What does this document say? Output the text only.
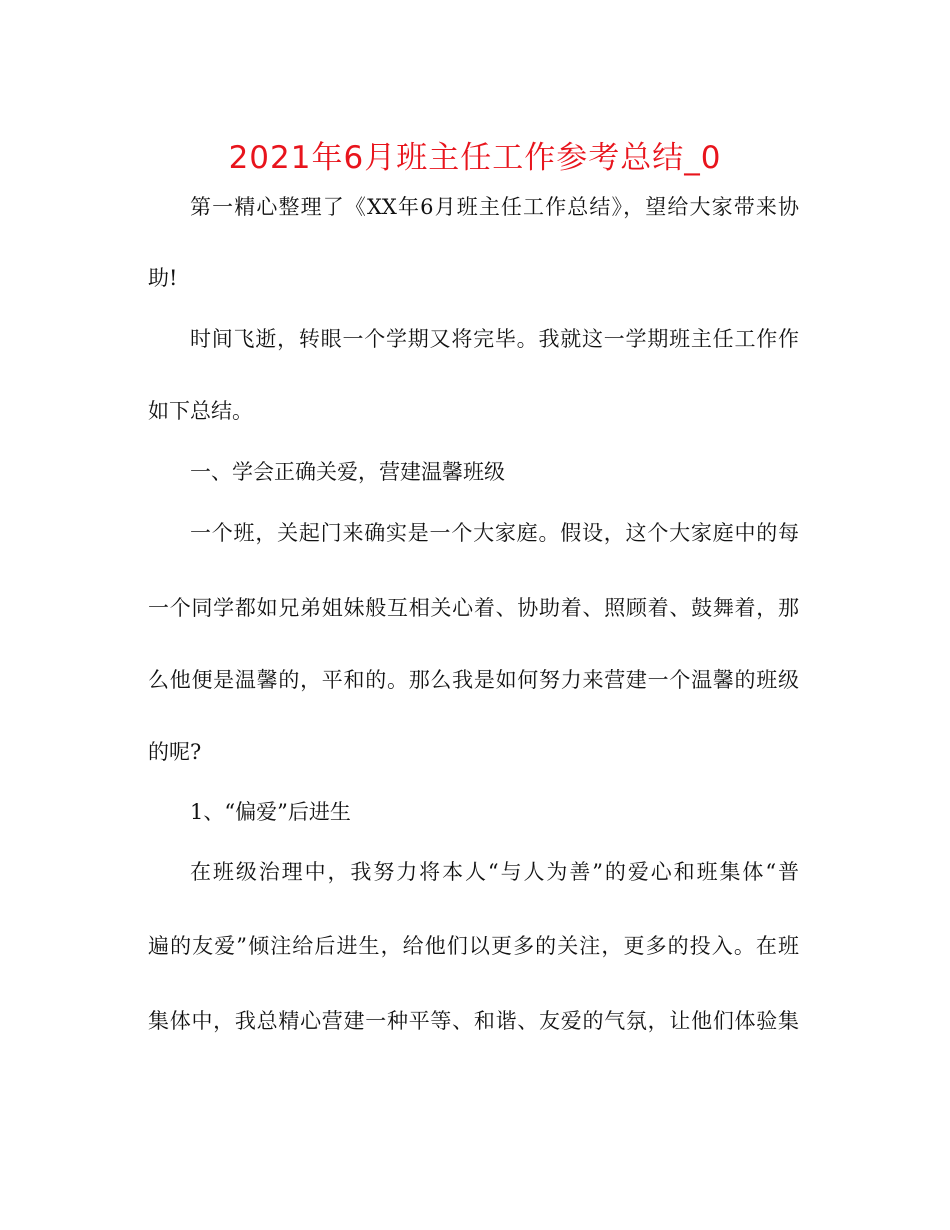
2021年6月班主任工作参考总结_0
第一精心整理了《XX年6月班主任工作总结》，望给大家带来协
助!
时间飞逝，转眼一个学期又将完毕。我就这一学期班主任工作作
如下总结。
一、学会正确关爱，营建温馨班级
一个班，关起门来确实是一个大家庭。假设，这个大家庭中的每
一个同学都如兄弟姐妹般互相关心着、协助着、照顾着、鼓舞着，那
么他便是温馨的，平和的。那么我是如何努力来营建一个温馨的班级
的呢?
1、“偏爱”后进生
在班级治理中，我努力将本人“与人为善”的爱心和班集体“普
遍的友爱”倾注给后进生，给他们以更多的关注，更多的投入。在班
集体中，我总精心营建一种平等、和谐、友爱的气氛，让他们体验集
